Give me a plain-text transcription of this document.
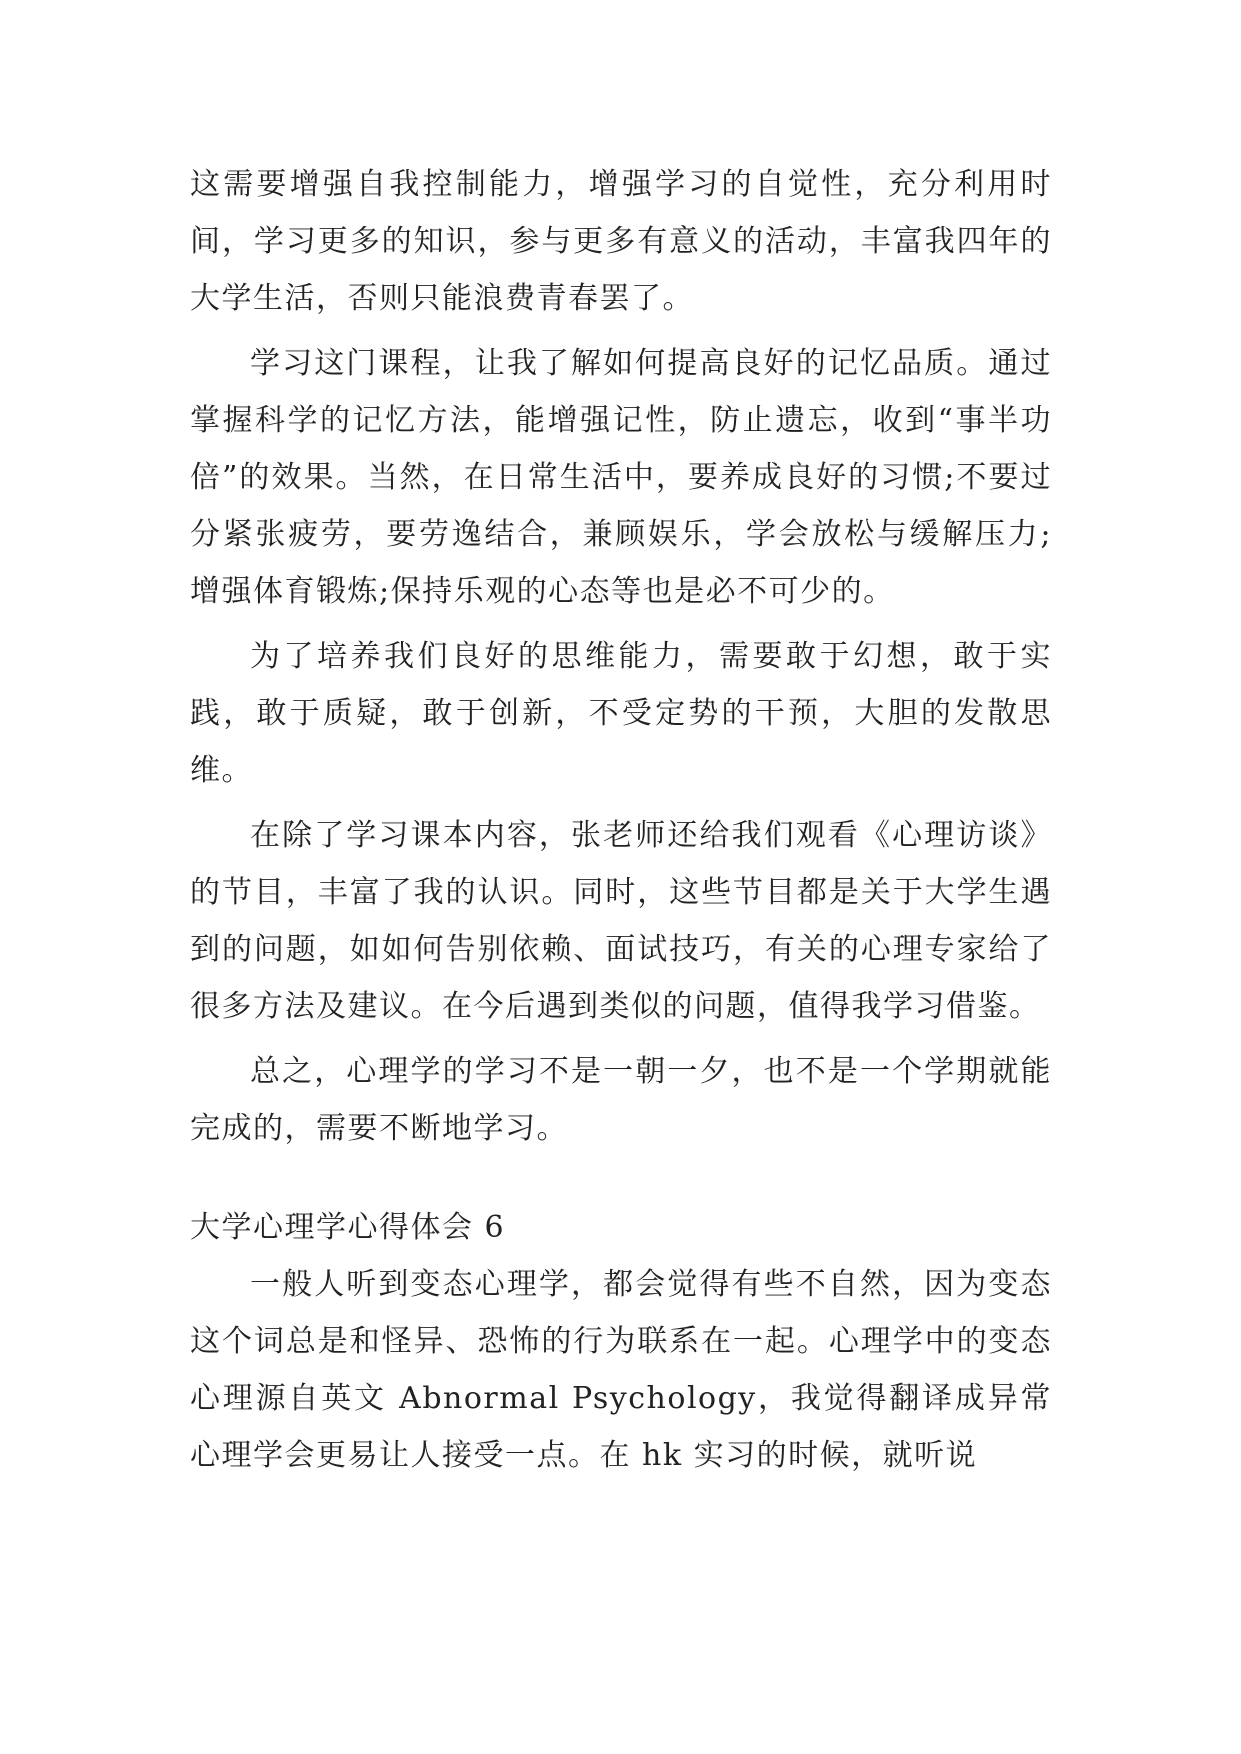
这需要增强自我控制能力，增强学习的自觉性，充分利用时间，学习更多的知识，参与更多有意义的活动，丰富我四年的大学生活，否则只能浪费青春罢了。

学习这门课程，让我了解如何提高良好的记忆品质。通过掌握科学的记忆方法，能增强记性，防止遗忘，收到“事半功倍”的效果。当然，在日常生活中，要养成良好的习惯;不要过分紧张疲劳，要劳逸结合，兼顾娱乐，学会放松与缓解压力;增强体育锻炼;保持乐观的心态等也是必不可少的。

为了培养我们良好的思维能力，需要敢于幻想，敢于实践，敢于质疑，敢于创新，不受定势的干预，大胆的发散思维。

在除了学习课本内容，张老师还给我们观看《心理访谈》的节目，丰富了我的认识。同时，这些节目都是关于大学生遇到的问题，如如何告别依赖、面试技巧，有关的心理专家给了很多方法及建议。在今后遇到类似的问题，值得我学习借鉴。

总之，心理学的学习不是一朝一夕，也不是一个学期就能完成的，需要不断地学习。

大学心理学心得体会 6

一般人听到变态心理学，都会觉得有些不自然，因为变态这个词总是和怪异、恐怖的行为联系在一起。心理学中的变态心理源自英文 Abnormal Psychology，我觉得翻译成异常心理学会更易让人接受一点。在 hk 实习的时候，就听说
